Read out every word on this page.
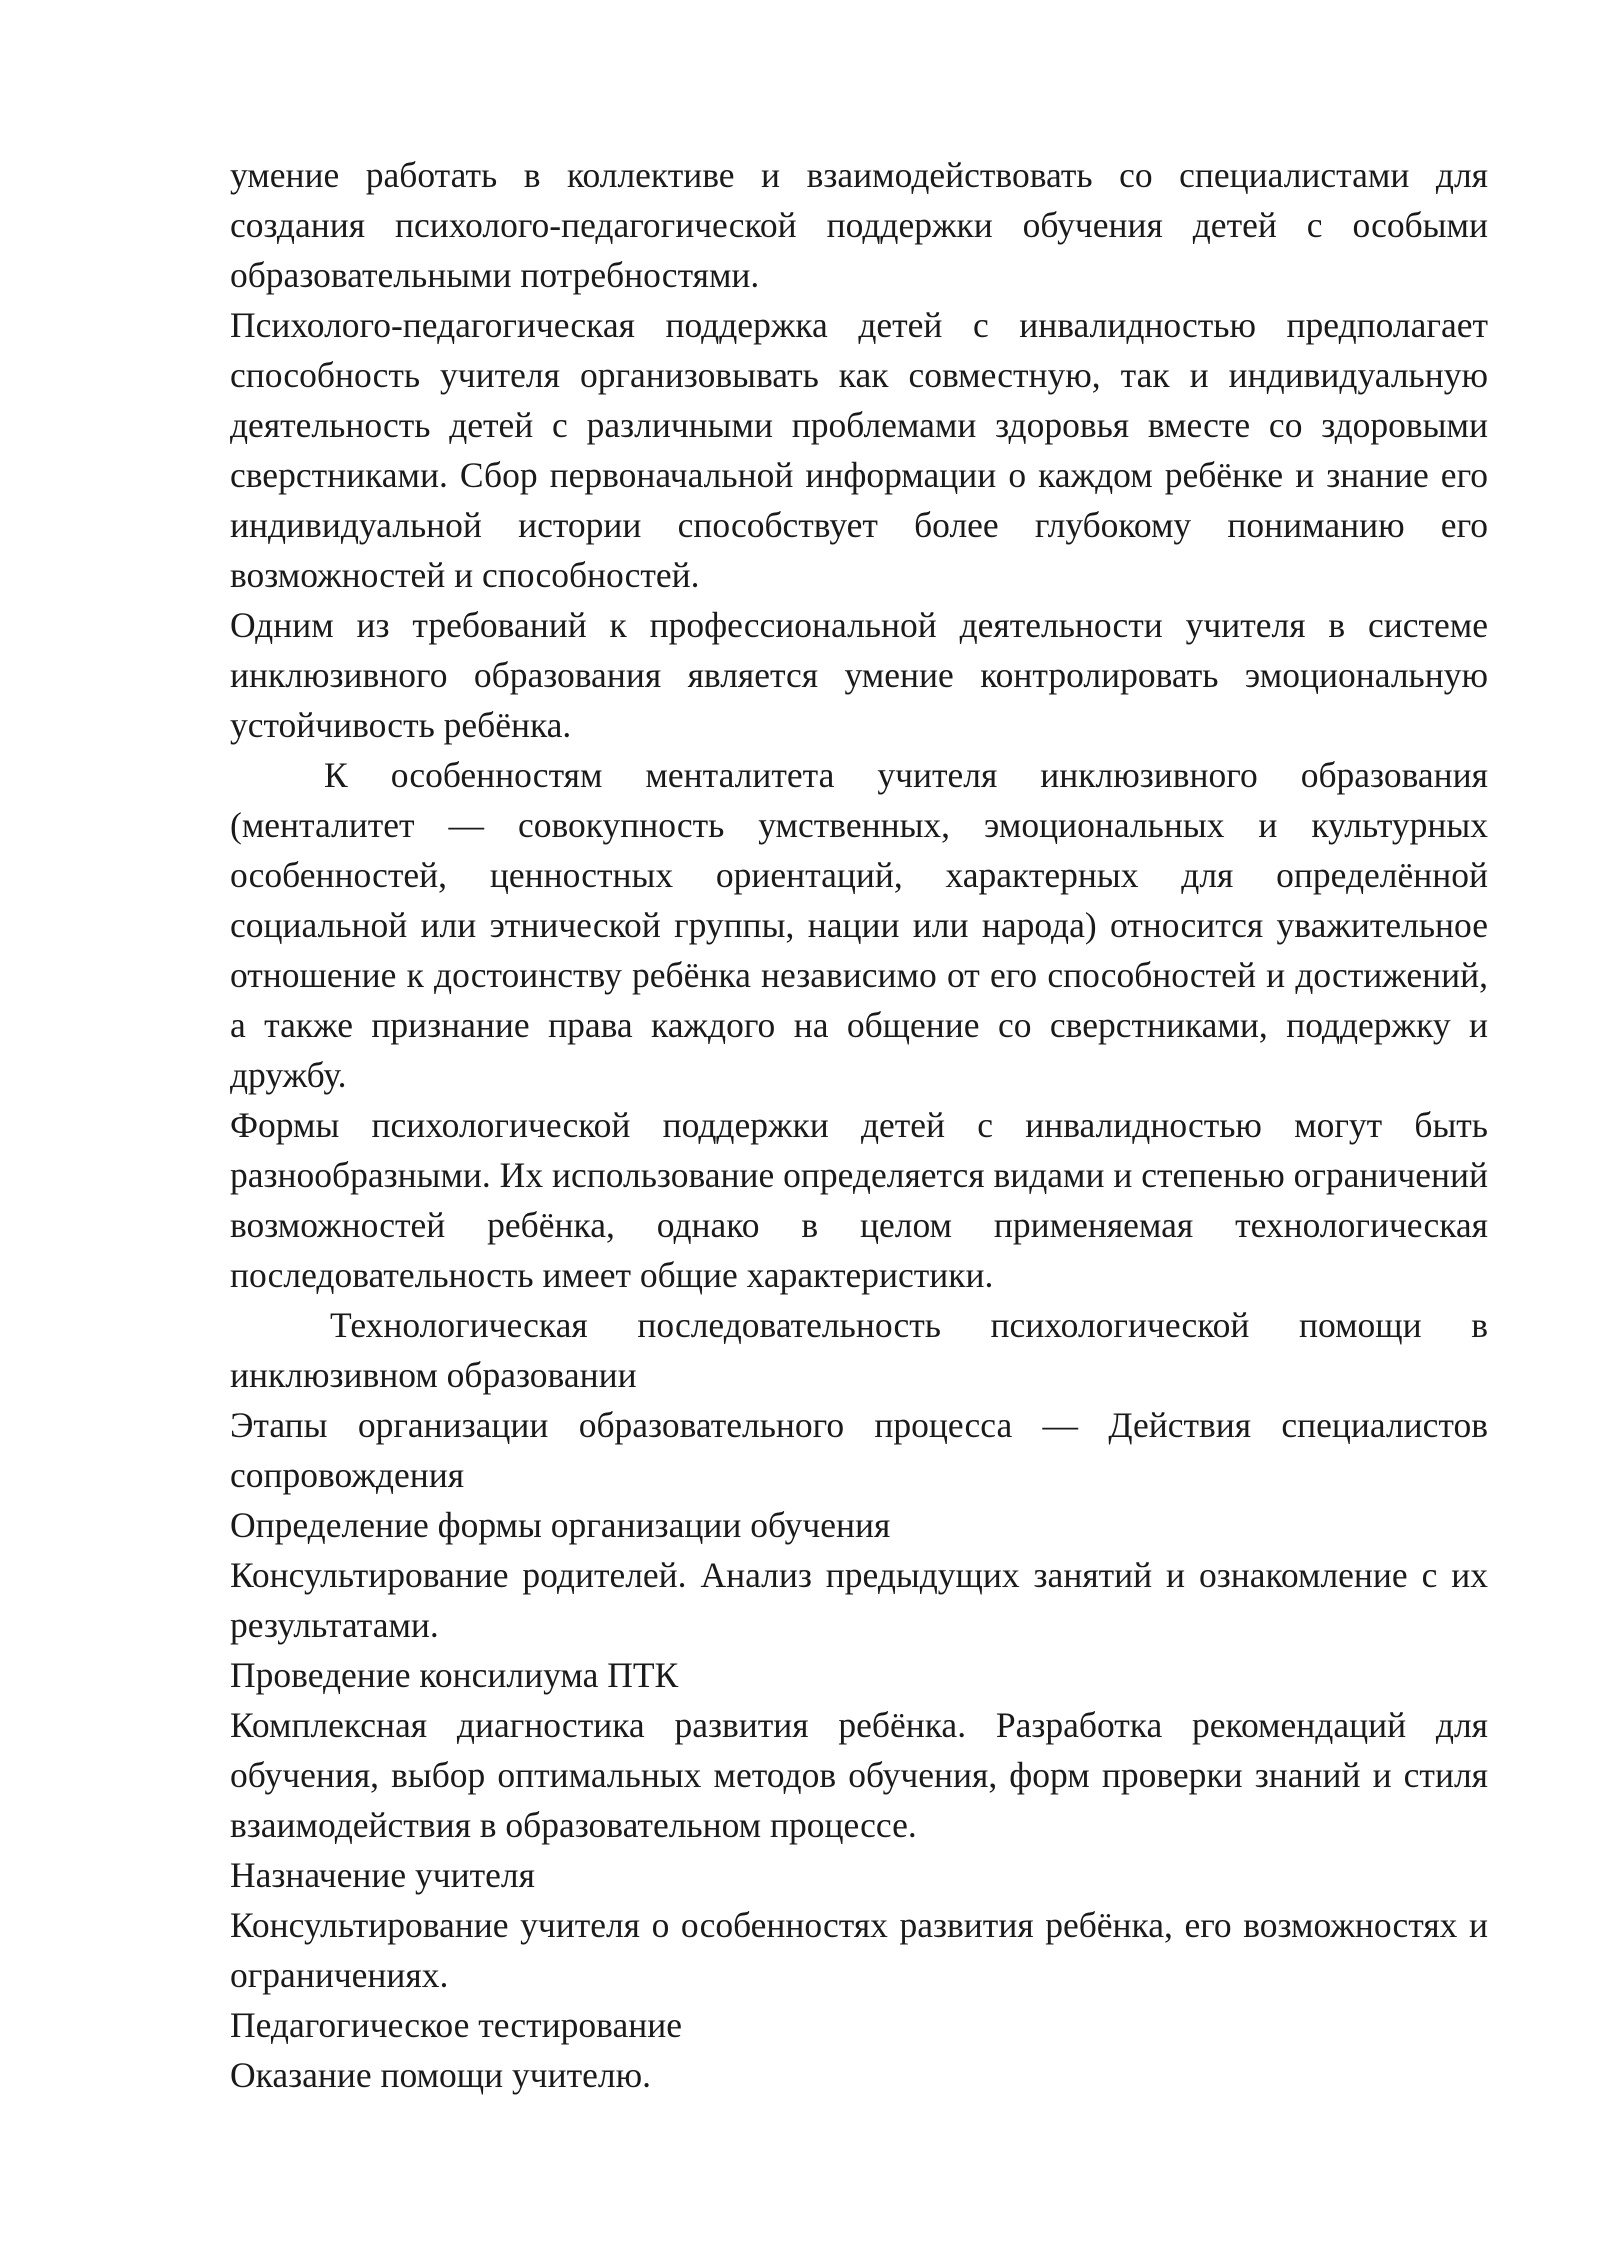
умение работать в коллективе и взаимодействовать со специалистами для создания психолого-педагогической поддержки обучения детей с особыми образовательными потребностями.

Психолого-педагогическая поддержка детей с инвалидностью предполагает способность учителя организовывать как совместную, так и индивидуальную деятельность детей с различными проблемами здоровья вместе со здоровыми сверстниками. Сбор первоначальной информации о каждом ребёнке и знание его индивидуальной истории способствует более глубокому пониманию его возможностей и способностей.

Одним из требований к профессиональной деятельности учителя в системе инклюзивного образования является умение контролировать эмоциональную устойчивость ребёнка.

К особенностям менталитета учителя инклюзивного образования (менталитет — совокупность умственных, эмоциональных и культурных особенностей, ценностных ориентаций, характерных для определённой социальной или этнической группы, нации или народа) относится уважительное отношение к достоинству ребёнка независимо от его способностей и достижений, а также признание права каждого на общение со сверстниками, поддержку и дружбу.

Формы психологической поддержки детей с инвалидностью могут быть разнообразными. Их использование определяется видами и степенью ограничений возможностей ребёнка, однако в целом применяемая технологическая последовательность имеет общие характеристики.

Технологическая последовательность психологической помощи в инклюзивном образовании

Этапы организации образовательного процесса — Действия специалистов сопровождения

Определение формы организации обучения

Консультирование родителей. Анализ предыдущих занятий и ознакомление с их результатами.

Проведение консилиума ПТК

Комплексная диагностика развития ребёнка. Разработка рекомендаций для обучения, выбор оптимальных методов обучения, форм проверки знаний и стиля взаимодействия в образовательном процессе.

Назначение учителя

Консультирование учителя о особенностях развития ребёнка, его возможностях и ограничениях.

Педагогическое тестирование

Оказание помощи учителю.
